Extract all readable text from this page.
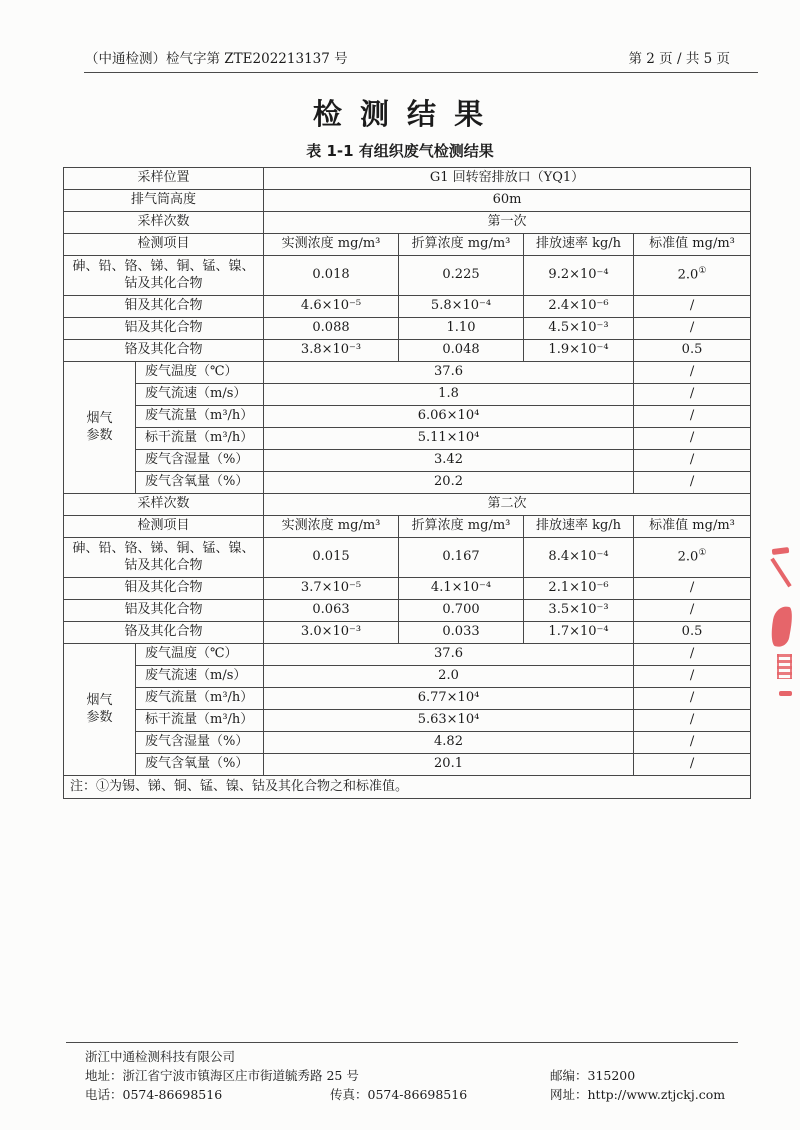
（中通检测）检气字第 ZTE202213137 号	第 2 页 / 共 5 页
检 测 结 果
表 1-1 有组织废气检测结果
采样位置		G1 回转窑排放口（YQ1）			
排气筒高度		60m			
采样次数		第一次			
检测项目		实测浓度 mg/m³	折算浓度 mg/m³	排放速率 kg/h	标准值 mg/m³
砷、铅、铬、锑、铜、锰、镍、钴及其化合物		0.018	0.225	9.2×10⁻⁴	2.0①
钼及其化合物		4.6×10⁻⁵	5.8×10⁻⁴	2.4×10⁻⁶	/
铝及其化合物		0.088	1.10	4.5×10⁻³	/
铬及其化合物		3.8×10⁻³	0.048	1.9×10⁻⁴	0.5

烟气
参数	废气温度（℃）	37.6			/
	废气流速（m/s）	1.8			/
	废气流量（m³/h）	6.06×10⁴			/
	标干流量（m³/h）	5.11×10⁴			/
	废气含湿量（%）	3.42			/
	废气含氧量（%）	20.2			/
采样次数		第二次			
检测项目		实测浓度 mg/m³	折算浓度 mg/m³	排放速率 kg/h	标准值 mg/m³
砷、铅、铬、锑、铜、锰、镍、钴及其化合物		0.015	0.167	8.4×10⁻⁴	2.0①
钼及其化合物		3.7×10⁻⁵	4.1×10⁻⁴	2.1×10⁻⁶	/
铝及其化合物		0.063	0.700	3.5×10⁻³	/
铬及其化合物		3.0×10⁻³	0.033	1.7×10⁻⁴	0.5

烟气
参数	废气温度（℃）	37.6			/
	废气流速（m/s）	2.0			/
	废气流量（m³/h）	6.77×10⁴			/
	标干流量（m³/h）	5.63×10⁴			/
	废气含湿量（%）	4.82			/
	废气含氧量（%）	20.1			/
注：①为锡、锑、铜、锰、镍、钴及其化合物之和标准值。					
浙江中通检测科技有限公司
地址：浙江省宁波市镇海区庄市街道毓秀路 25 号	邮编：315200
电话：0574-86698516	传真：0574-86698516	网址：http://www.ztjckj.com
